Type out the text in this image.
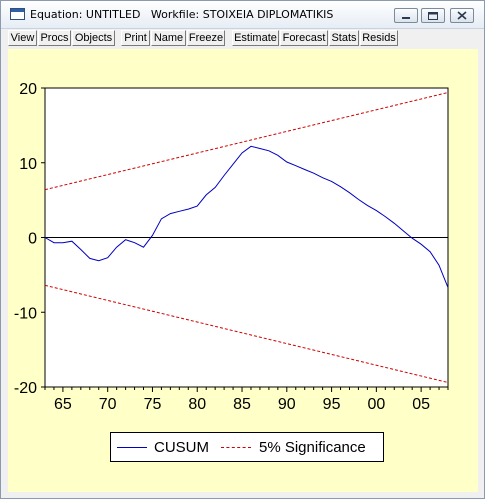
Equation: UNTITLED   Workfile: STOIXEIA DIPLOMATIKIS
View Procs Objects Print Name Freeze Estimate Forecast Stats Resids
20
10
0
-10
-20
65 70 75 80 85 90 95 00 05
CUSUM	5% Significance
